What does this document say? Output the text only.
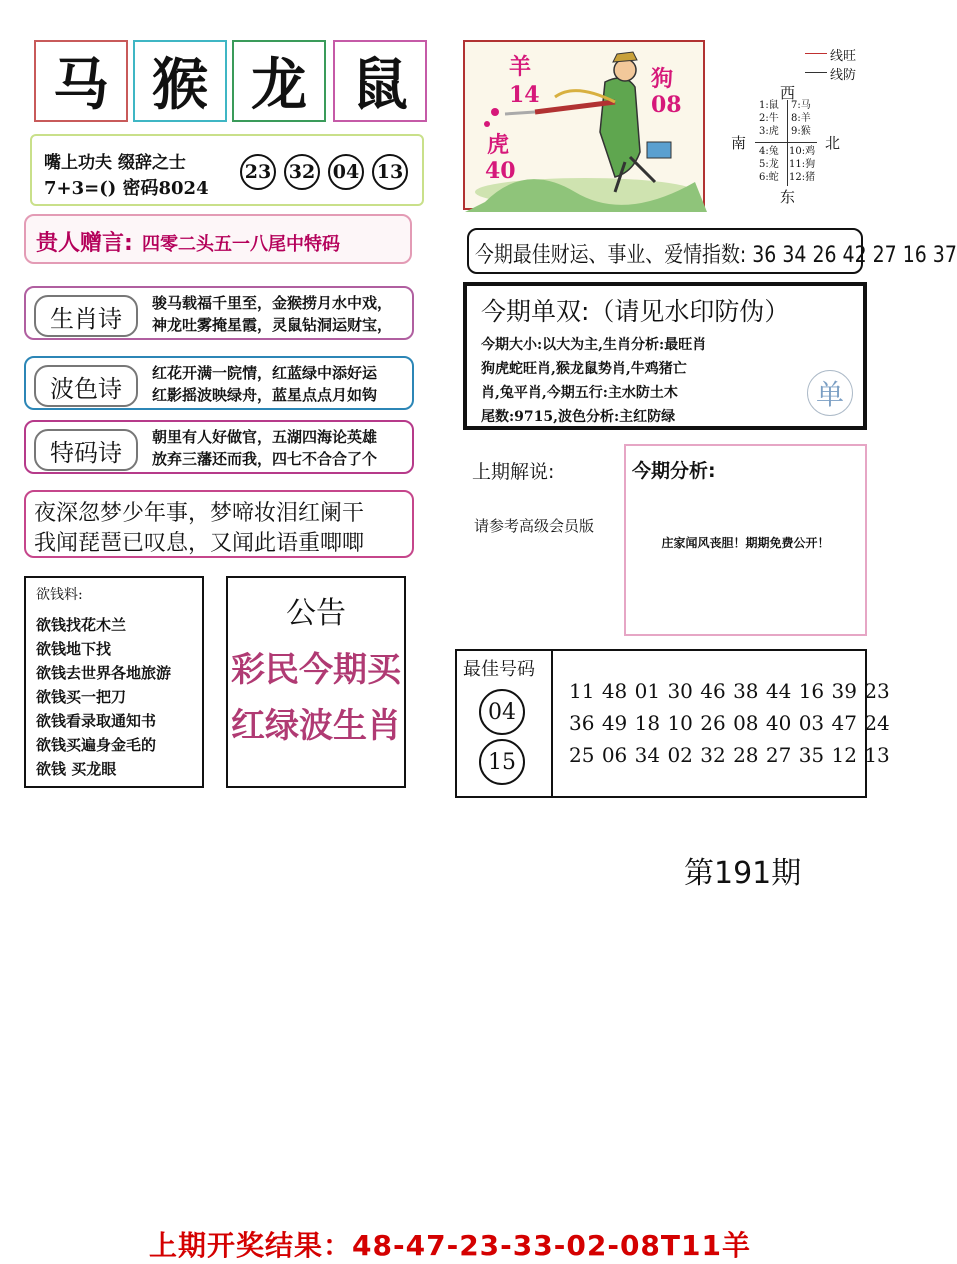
马 猴 龙 鼠
嘴上功夫 缀辞之士
7+3=() 密码8024
23 32 04 13
贵人赠言: 四零二头五一八尾中特码
生肖诗
骏马载福千里至，金猴捞月水中戏，
神龙吐雾掩星霞，灵鼠钻洞运财宝，
波色诗
红花开满一院情，红蓝绿中添好运
红影摇波映绿舟，蓝星点点月如钩
特码诗
朝里有人好做官，五湖四海论英雄
放弃三藩还而我，四七不合合了个
夜深忽梦少年事，梦啼妆泪红阑干
我闻琵琶已叹息，又闻此语重唧唧
欲钱料:
欲钱找花木兰
欲钱地下找
欲钱去世界各地旅游
欲钱买一把刀
欲钱看录取通知书
欲钱买遍身金毛的
欲钱 买龙眼
公告
彩民今期买
红绿波生肖
羊
14
狗
08
虎
40
线旺
线防
西
南	北
东
1:鼠 7:马
2:牛 8:羊
3:虎 9:猴
4:兔 10:鸡
5:龙 11:狗
6:蛇 12:猪
今期最佳财运、事业、爱情指数: 36 34 26 42 27 16 37
今期单双:（请见水印防伪）
今期大小:以大为主,生肖分析:最旺肖
狗虎蛇旺肖,猴龙鼠势肖,牛鸡猪亡
肖,兔平肖,今期五行:主水防土木
尾数:9715,波色分析:主红防绿
单
上期解说:
请参考高级会员版
今期分析:
庄家闻风丧胆！期期免费公开！
最佳号码
04
15
11 48 01 30 46 38 44 16 39 23
36 49 18 10 26 08 40 03 47 24
25 06 34 02 32 28 27 35 12 13
第191期
上期开奖结果：48-47-23-33-02-08T11羊
